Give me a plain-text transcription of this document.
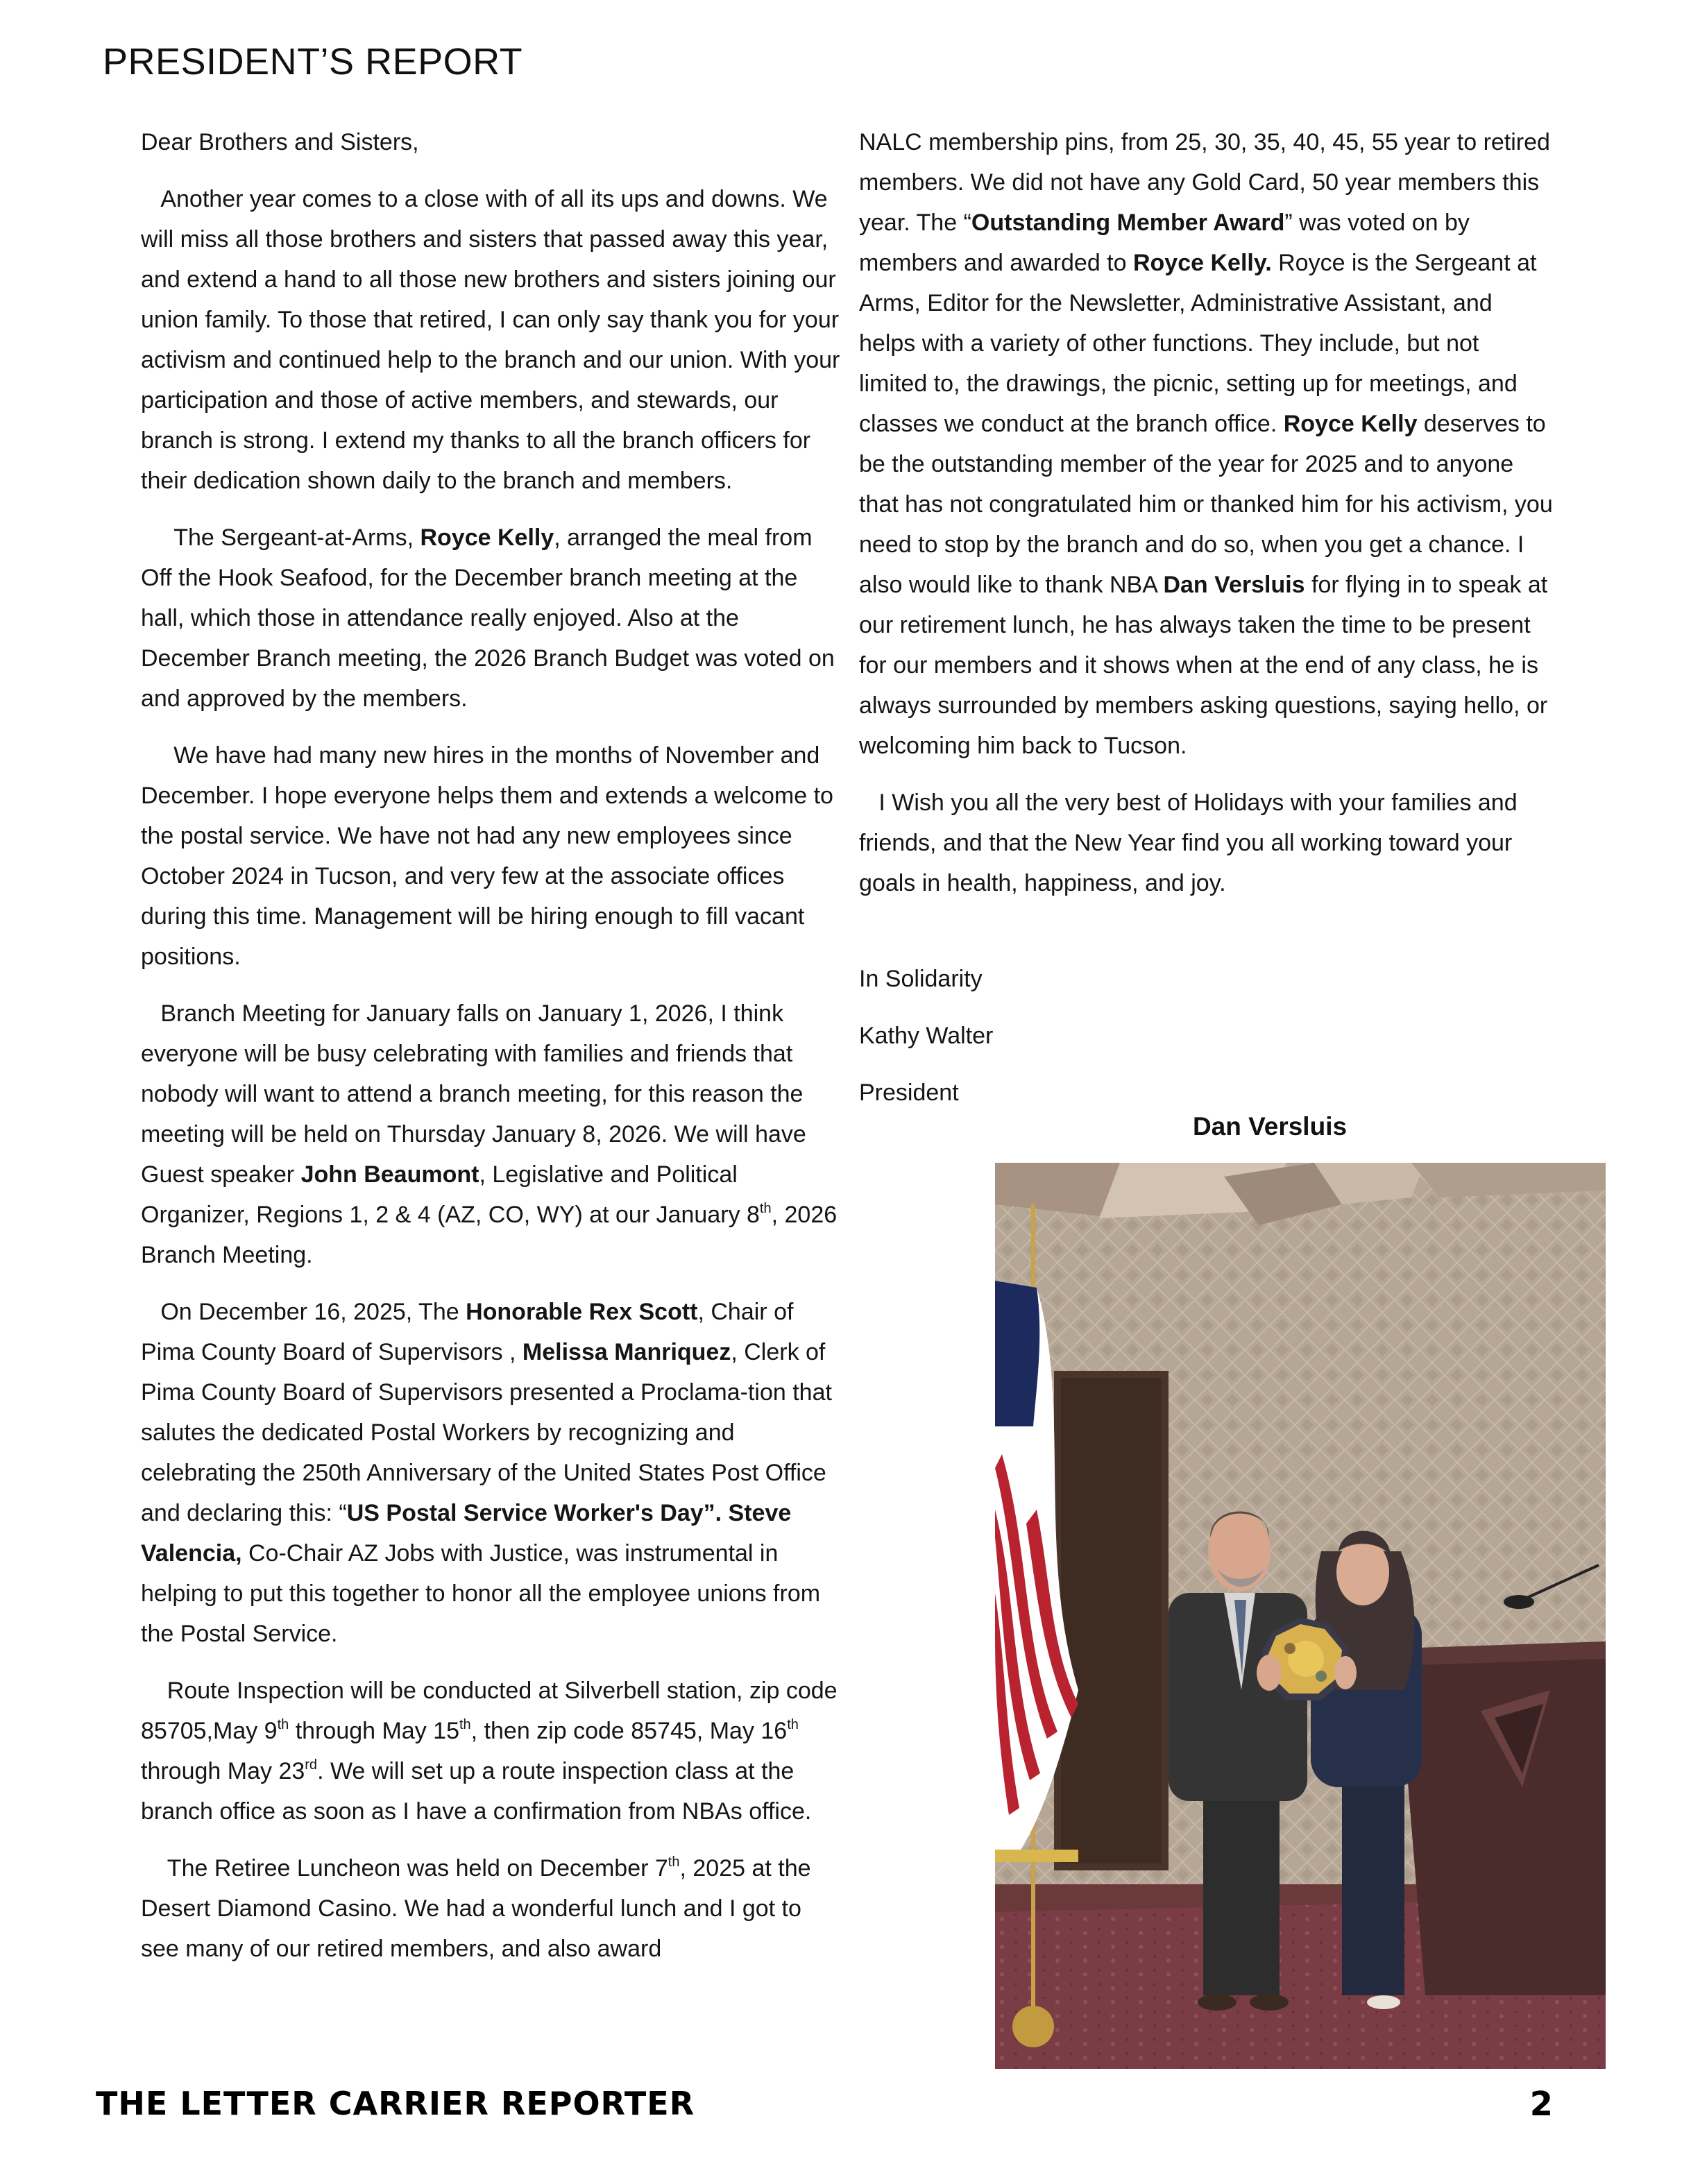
PRESIDENT’S REPORT

Dear Brothers and Sisters,

Another year comes to a close with of all its ups and downs. We will miss all those brothers and sisters that passed away this year, and extend a hand to all those new brothers and sisters joining our union family. To those that retired, I can only say thank you for your activism and continued help to the branch and our union. With your participation and those of active members, and stewards, our branch is strong. I extend my thanks to all the branch officers for their dedication shown daily to the branch and members.

The Sergeant-at-Arms, Royce Kelly, arranged the meal from Off the Hook Seafood, for the December branch meeting at the hall, which those in attendance really enjoyed. Also at the December Branch meeting, the 2026 Branch Budget was voted on and approved by the members.

We have had many new hires in the months of November and December. I hope everyone helps them and extends a welcome to the postal service. We have not had any new employees since October 2024 in Tucson, and very few at the associate offices during this time. Management will be hiring enough to fill vacant positions.

Branch Meeting for January falls on January 1, 2026, I think everyone will be busy celebrating with families and friends that nobody will want to attend a branch meeting, for this reason the meeting will be held on Thursday January 8, 2026. We will have Guest speaker John Beaumont, Legislative and Political Organizer, Regions 1, 2 & 4 (AZ, CO, WY) at our January 8th, 2026 Branch Meeting.

On December 16, 2025, The Honorable Rex Scott, Chair of Pima County Board of Supervisors , Melissa Manriquez, Clerk of Pima County Board of Supervisors presented a Proclama-tion that salutes the dedicated Postal Workers by recognizing and celebrating the 250th Anniversary of the United States Post Office and declaring this: “US Postal Service Worker's Day”. Steve Valencia, Co-Chair AZ Jobs with Justice, was instrumental in helping to put this together to honor all the employee unions from the Postal Service.

Route Inspection will be conducted at Silverbell station, zip code 85705,May 9th through May 15th, then zip code 85745, May 16th through May 23rd. We will set up a route inspection class at the branch office as soon as I have a confirmation from NBAs office.

The Retiree Luncheon was held on December 7th, 2025 at the Desert Diamond Casino. We had a wonderful lunch and I got to see many of our retired members, and also award

NALC membership pins, from 25, 30, 35, 40, 45, 55 year to retired members. We did not have any Gold Card, 50 year members this year. The “Outstanding Member Award” was voted on by members and awarded to Royce Kelly. Royce is the Sergeant at Arms, Editor for the Newsletter, Administrative Assistant, and helps with a variety of other functions. They include, but not limited to, the drawings, the picnic, setting up for meetings, and classes we conduct at the branch office. Royce Kelly deserves to be the outstanding member of the year for 2025 and to anyone that has not congratulated him or thanked him for his activism, you need to stop by the branch and do so, when you get a chance. I also would like to thank NBA Dan Versluis for flying in to speak at our retirement lunch, he has always taken the time to be present for our members and it shows when at the end of any class, he is always surrounded by members asking questions, saying hello, or welcoming him back to Tucson.

I Wish you all the very best of Holidays with your families and friends, and that the New Year find you all working toward your goals in health, happiness, and joy.

In Solidarity

Kathy Walter

President

Dan Versluis
THE LETTER CARRIER REPORTER	2
